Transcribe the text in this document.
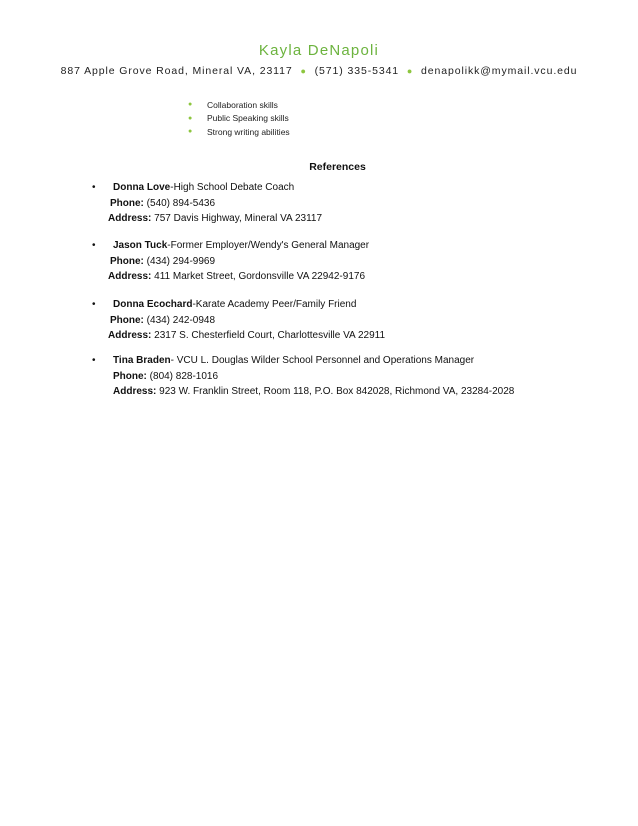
Kayla DeNapoli
887 Apple Grove Road, Mineral VA, 23117 ● (571) 335-5341 ● denapolikk@mymail.vcu.edu
●	Collaboration skills
●	Public Speaking skills
●	Strong writing abilities
References
•	Donna Love-High School Debate Coach
Phone: (540) 894-5436
Address: 757 Davis Highway, Mineral VA 23117
•	Jason Tuck-Former Employer/Wendy's General Manager
Phone: (434) 294-9969
Address: 411 Market Street, Gordonsville VA 22942-9176
•	Donna Ecochard-Karate Academy Peer/Family Friend
Phone: (434) 242-0948
Address: 2317 S. Chesterfield Court, Charlottesville VA 22911
•	Tina Braden- VCU L. Douglas Wilder School Personnel and Operations Manager
Phone: (804) 828-1016
Address: 923 W. Franklin Street, Room 118, P.O. Box 842028, Richmond VA, 23284-2028
